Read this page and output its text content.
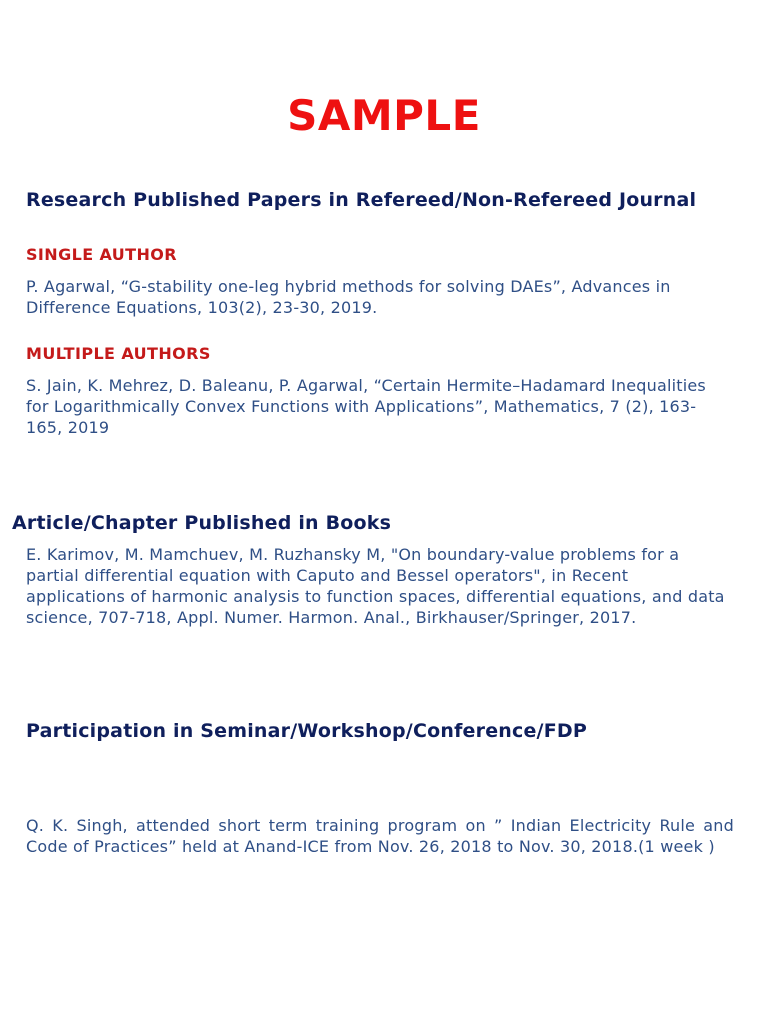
SAMPLE
Research Published Papers in Refereed/Non-Refereed Journal
SINGLE AUTHOR
P. Agarwal, “G-stability one-leg hybrid methods for solving DAEs”, Advances in Difference Equations, 103(2), 23-30, 2019.
MULTIPLE AUTHORS
S. Jain, K. Mehrez, D. Baleanu, P. Agarwal, “Certain Hermite–Hadamard Inequalities for Logarithmically Convex Functions with Applications”, Mathematics, 7 (2), 163-165, 2019
Article/Chapter Published in Books
E. Karimov, M. Mamchuev, M. Ruzhansky M, "On boundary-value problems for a partial differential equation with Caputo and Bessel operators", in Recent applications of harmonic analysis to function spaces, differential equations, and data science, 707-718, Appl. Numer. Harmon. Anal., Birkhauser/Springer, 2017.
Participation in Seminar/Workshop/Conference/FDP
Q. K. Singh, attended short term training program on ” Indian Electricity Rule and Code of Practices” held at Anand-ICE from Nov. 26, 2018 to Nov. 30, 2018.(1 week )
